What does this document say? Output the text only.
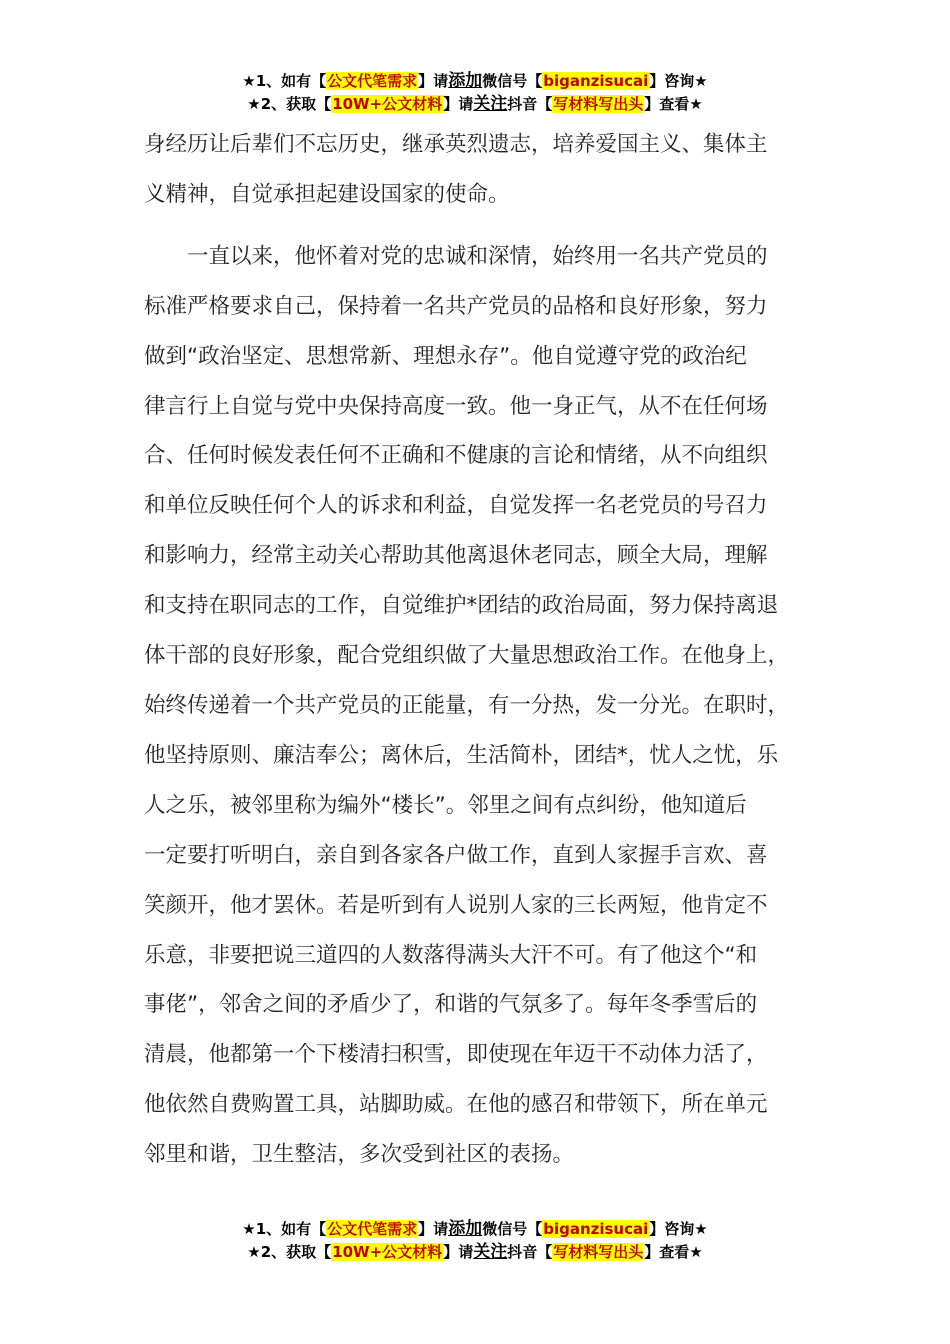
★1、如有【公文代笔需求】请添加微信号【biganzisucai】咨询★
★2、获取【10W+公文材料】请关注抖音【写材料写出头】查看★

身经历让后辈们不忘历史，继承英烈遗志，培养爱国主义、集体主

义精神，自觉承担起建设国家的使命。

　　一直以来，他怀着对党的忠诚和深情，始终用一名共产党员的

标准严格要求自己，保持着一名共产党员的品格和良好形象，努力

做到“政治坚定、思想常新、理想永存”。他自觉遵守党的政治纪

律言行上自觉与党中央保持高度一致。他一身正气，从不在任何场

合、任何时候发表任何不正确和不健康的言论和情绪，从不向组织

和单位反映任何个人的诉求和利益，自觉发挥一名老党员的号召力

和影响力，经常主动关心帮助其他离退休老同志，顾全大局，理解

和支持在职同志的工作，自觉维护*团结的政治局面，努力保持离退

体干部的良好形象，配合党组织做了大量思想政治工作。在他身上，

始终传递着一个共产党员的正能量，有一分热，发一分光。在职时，

他坚持原则、廉洁奉公；离休后，生活简朴，团结*，忧人之忧，乐

人之乐，被邻里称为编外“楼长”。邻里之间有点纠纷，他知道后

一定要打听明白，亲自到各家各户做工作，直到人家握手言欢、喜

笑颜开，他才罢休。若是听到有人说别人家的三长两短，他肯定不

乐意，非要把说三道四的人数落得满头大汗不可。有了他这个“和

事佬”，邻舍之间的矛盾少了，和谐的气氛多了。每年冬季雪后的

清晨，他都第一个下楼清扫积雪，即使现在年迈干不动体力活了，

他依然自费购置工具，站脚助威。在他的感召和带领下，所在单元

邻里和谐，卫生整洁，多次受到社区的表扬。

★1、如有【公文代笔需求】请添加微信号【biganzisucai】咨询★
★2、获取【10W+公文材料】请关注抖音【写材料写出头】查看★
